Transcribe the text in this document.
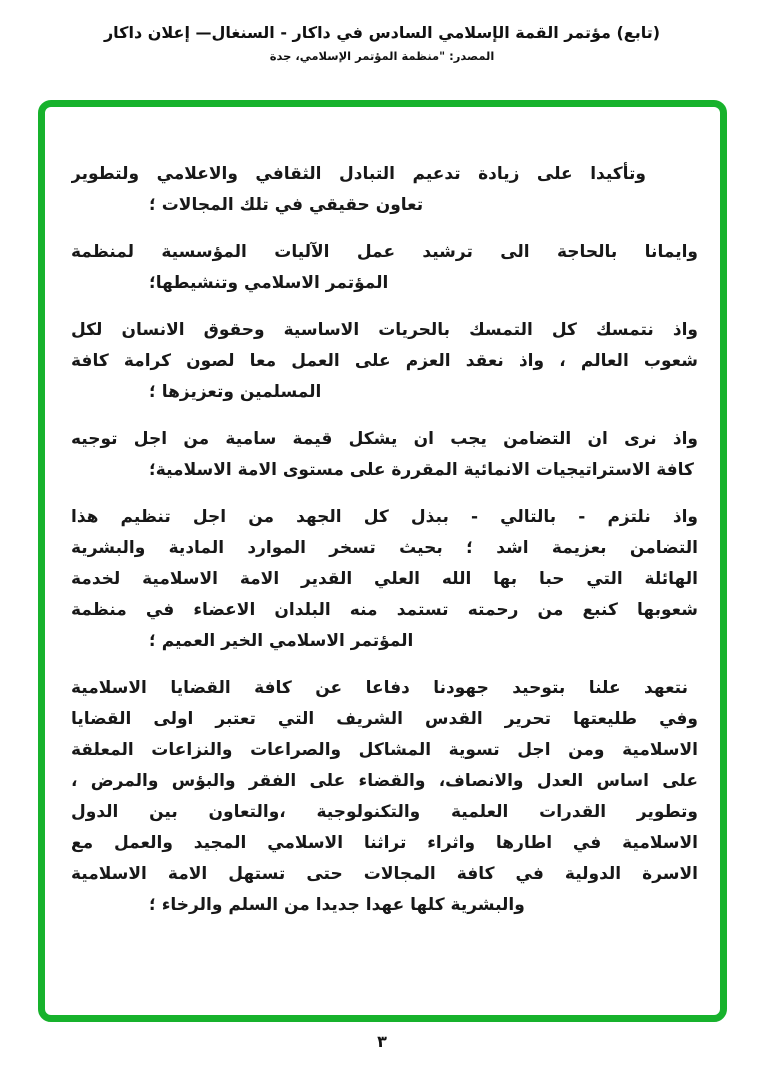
(تابع) مؤتمر القمة الإسلامي السادس في داكار - السنغال— إعلان داكار
المصدر: "منظمة المؤتمر الإسلامي، جدة
وتأكيدا على زيادة تدعيم التبادل الثقافي والاعلامي ولتطوير
تعاون حقيقي في تلك المجالات ؛
وايمانا بالحاجة الى ترشيد عمل الآليات المؤسسية لمنظمة
المؤتمر الاسلامي وتنشيطها؛
واذ نتمسك كل التمسك بالحريات الاساسية وحقوق الانسان لكل
شعوب العالم ، واذ نعقد العزم على العمل معا لصون كرامة كافة
المسلمين وتعزيزها ؛
واذ نرى ان التضامن يجب ان يشكل قيمة سامية من اجل توجيه
كافة الاستراتيجيات الانمائية المقررة على مستوى الامة الاسلامية؛
واذ نلتزم - بالتالي - ببذل كل الجهد من اجل تنظيم هذا
التضامن بعزيمة اشد ؛ بحيث تسخر الموارد المادية والبشرية
الهائلة التي حبا بها الله العلي القدير الامة الاسلامية لخدمة
شعوبها كنبع من رحمته تستمد منه البلدان الاعضاء في منظمة
المؤتمر الاسلامي الخير العميم ؛
نتعهد علنا بتوحيد جهودنا دفاعا عن كافة القضايا الاسلامية
وفي طليعتها تحرير القدس الشريف التي تعتبر اولى القضايا
الاسلامية ومن اجل تسوية المشاكل والصراعات والنزاعات المعلقة
على اساس العدل والانصاف، والقضاء على الفقر والبؤس والمرض ،
وتطوير القدرات العلمية والتكنولوجية ،والتعاون بين الدول
الاسلامية في اطارها واثراء تراثنا الاسلامي المجيد والعمل مع
الاسرة الدولية في كافة المجالات حتى تستهل الامة الاسلامية
والبشرية كلها عهدا جديدا من السلم والرخاء ؛
٣
